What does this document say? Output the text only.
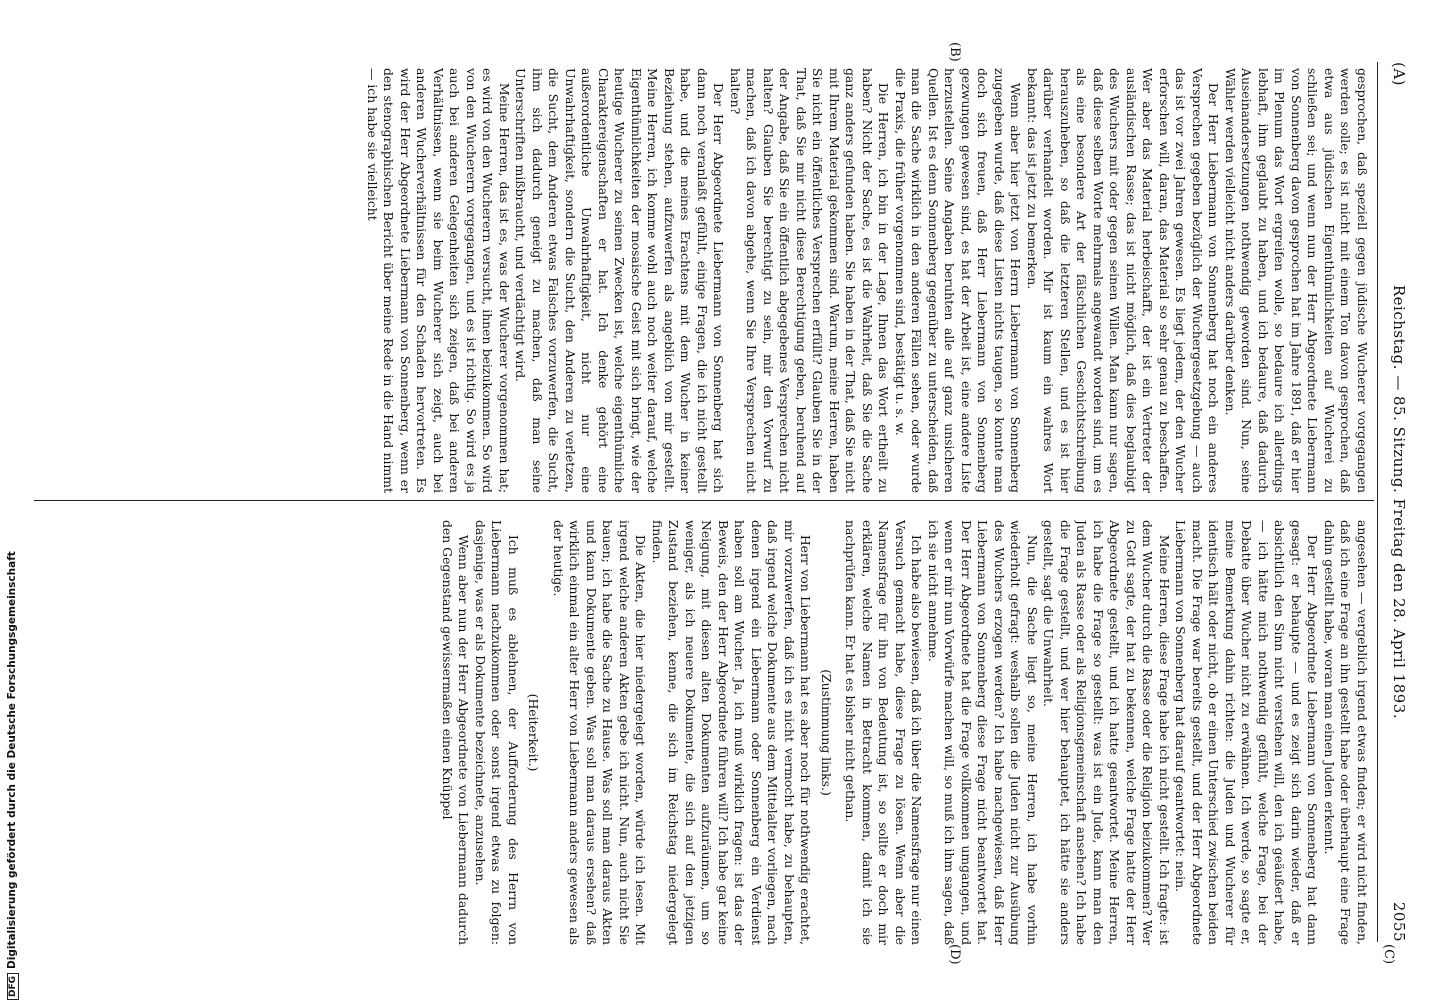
(A)
Reichstag. — 85. Sitzung. Freitag den 28. April 1893.
2055
(B)
(C)
(D)

gesprochen, daß speziell gegen jüdische Wucherer vorgegangen werden solle; es ist nicht mit einem Ton davon gesprochen, daß etwa aus jüdischen Eigenthümlichkeiten auf Wucherei zu schließen sei; und wenn nun der Herr Abgeordnete Liebermann von Sonnenberg davon gesprochen hat im Jahre 1891, daß er hier im Plenum das Wort ergreifen wolle, so bedaure ich allerdings lebhaft, ihm geglaubt zu haben, und ich bedaure, daß dadurch Auseinandersetzungen nothwendig geworden sind. Nun, seine Wähler werden vielleicht nicht anders darüber denken.

Der Herr Liebermann von Sonnenberg hat noch ein anderes Versprechen gegeben bezüglich der Wuchergesetzgebung — auch das ist vor zwei Jahren gewesen. Es liegt jedem, der den Wucher erforschen will, daran, das Material so sehr genau zu beschaffen. Wer aber das Material herbeischafft, der ist ein Vertreter der ausländischen Rasse; das ist nicht möglich, daß dies beglaubigt des Wuchers mit oder gegen seinen Willen. Man kann nur sagen, daß diese selben Worte mehrmals angewandt worden sind, um es als eine besondere Art der fälschlichen Geschichtschreibung herauszuheben, so daß die letzteren Stellen, und es ist hier darüber verhandelt worden. Mir ist kaum ein wahres Wort bekannt: das ist jetzt zu bemerken.

Wenn aber hier jetzt von Herrn Liebermann von Sonnenberg zugegeben wurde, daß diese Listen nichts taugen, so konnte man doch sich freuen, daß Herr Liebermann von Sonnenberg gezwungen gewesen sind, es hat der Arbeit ist, eine andere Liste herzustellen. Seine Angaben beruhten alle auf ganz unsicheren Quellen. Ist es denn Sonnenberg gegenüber zu unterscheiden, daß man die Sache wirklich in den anderen Fällen sehen, oder wurde die Praxis, die früher vorgenommen sind, bestätigt u. s. w.

Die Herren, ich bin in der Lage, Ihnen das Wort ertheilt zu haben? Nicht der Sache, es ist die Wahrheit, daß Sie die Sache ganz anders gefunden haben. Sie haben in der That, daß Sie nicht mit Ihrem Material gekommen sind. Warum, meine Herren, haben Sie nicht ein öffentliches Versprechen erfüllt? Glauben Sie in der That, daß Sie mir nicht diese Berechtigung geben, beruhend auf der Angabe, daß Sie ein öffentlich abgegebenes Versprechen nicht halten? Glauben Sie berechtigt zu sein, mir den Vorwurf zu machen, daß ich davon abgehe, wenn Sie Ihre Versprechen nicht halten?

Der Herr Abgeordnete Liebermann von Sonnenberg hat sich dann noch veranlaßt gefühlt, einige Fragen, die ich nicht gestellt habe, und die meines Erachtens mit dem Wucher in keiner Beziehung stehen, aufzuwerfen als angeblich von mir gestellt. Meine Herren, ich komme wohl auch noch weiter darauf, welche Eigenthümlichkeiten der mosaische Geist mit sich bringt, wie der heutige Wucherer zu seinen Zwecken ist, welche eigenthümliche Charaktereigenschaften er hat. Ich denke gehört eine außerordentliche Unwahrhaftigkeit, nicht nur eine Unwahrhaftigkeit, sondern die Sucht, den Anderen zu verletzen, die Sucht, dem Anderen etwas Falsches vorzuwerfen, die Sucht, ihm sich dadurch geneigt zu machen, daß man seine Unterschriften mißbraucht, und verdächtigt wird.

Meine Herren, das ist es, was der Wucherer vorgenommen hat; es wird von den Wucherern versucht, ihnen beizukommen. So wird von den Wucherern vorgegangen, und es ist richtig. So wird es ja auch bei anderen Gelegenheiten sich zeigen, daß bei anderen Verhältnissen, wenn sie beim Wucherer sich zeigt, auch bei anderen Wucherverhältnissen für den Schaden hervortreten. Es wird der Herr Abgeordnete Liebermann von Sonnenberg, wenn er den stenographischen Bericht über meine Rede in die Hand nimmt — ich habe sie vielleicht

angesehen — vergeblich irgend etwas finden; er wird nicht finden, daß ich eine Frage an ihn gestellt habe oder überhaupt eine Frage dahin gestellt habe, woran man einen Juden erkennt.

Der Herr Abgeordnete Liebermann von Sonnenberg hat dann gesagt: er behaupte — und es zeigt sich darin wieder, daß er absichtlich den Sinn nicht verstehen will, den ich geäußert habe, — ich hätte mich nothwendig gefühlt, welche Frage, bei der Debatte über Wucher nicht zu erwähnen. Ich werde, so sagte er, meine Bemerkung dahin richten: die Juden und Wucherer für identisch hält oder nicht, ob er einen Unterschied zwischen beiden macht. Die Frage war bereits gestellt, und der Herr Abgeordnete Liebermann von Sonnenberg hat darauf geantwortet: nein.

Meine Herren, diese Frage habe ich nicht gestellt. Ich fragte: ist dem Wucher durch die Rasse oder die Religion beizukommen? Wer zu Gott sagte, der hat zu bekennen, welche Frage hatte der Herr Abgeordnete gestellt, und ich hatte geantwortet. Meine Herren, ich habe die Frage so gestellt: was ist ein Jude, kann man den Juden als Rasse oder als Religionsgemeinschaft ansehen? Ich habe die Frage gestellt, und wer hier behauptet, ich hätte sie anders gestellt, sagt die Unwahrheit.

Nun, die Sache liegt so, meine Herren, ich habe vorhin wiederholt gefragt: weshalb sollen die Juden nicht zur Ausübung des Wuchers erzogen werden? Ich habe nachgewiesen, daß Herr Liebermann von Sonnenberg diese Frage nicht beantwortet hat. Der Herr Abgeordnete hat die Frage vollkommen umgangen, und wenn er mir nun Vorwürfe machen will, so muß ich ihm sagen, daß ich sie nicht annehme.

Ich habe also bewiesen, daß ich über die Namensfrage nur einen Versuch gemacht habe, diese Frage zu lösen. Wenn aber die Namensfrage für ihn von Bedeutung ist, so sollte er doch mir erklären, welche Namen in Betracht kommen, damit ich sie nachprüfen kann. Er hat es bisher nicht gethan.

(Zustimmung links.)

Herr von Liebermann hat es aber noch für nothwendig erachtet, mir vorzuwerfen, daß ich es nicht vermocht habe, zu behaupten, daß irgend welche Dokumente aus dem Mittelalter vorliegen, nach denen irgend ein Liebermann oder Sonnenberg ein Verdienst haben soll am Wucher. Ja, ich muß wirklich fragen: ist das der Beweis, den der Herr Abgeordnete führen will? Ich habe gar keine Neigung, mit diesen alten Dokumenten aufzuräumen, um so weniger, als ich neuere Dokumente, die sich auf den jetzigen Zustand beziehen, kenne, die sich im Reichstag niedergelegt finden.

Die Akten, die hier niedergelegt worden, würde ich lesen. Mit irgend welche anderen Akten gebe ich nicht. Nun, auch nicht Sie bauen; ich habe die Sache zu Hause. Was soll man daraus Akten und kann Dokumente geben. Was soll man daraus ersehen? daß wirklich einmal ein alter Herr von Liebermann anders gewesen als der heutige.

(Heiterkeit.)

Ich muß es ablehnen, der Aufforderung des Herrn von Liebermann nachzukommen oder sonst irgend etwas zu folgen: dasjenige, was er als Dokumente bezeichnete, anzusehen.

Wenn aber nun der Herr Abgeordnete von Liebermann dadurch den Gegenstand gewissermaßen einen Knüppel

DFGDigitalisierung gefördert durch die Deutsche Forschungsgemeinschaft
